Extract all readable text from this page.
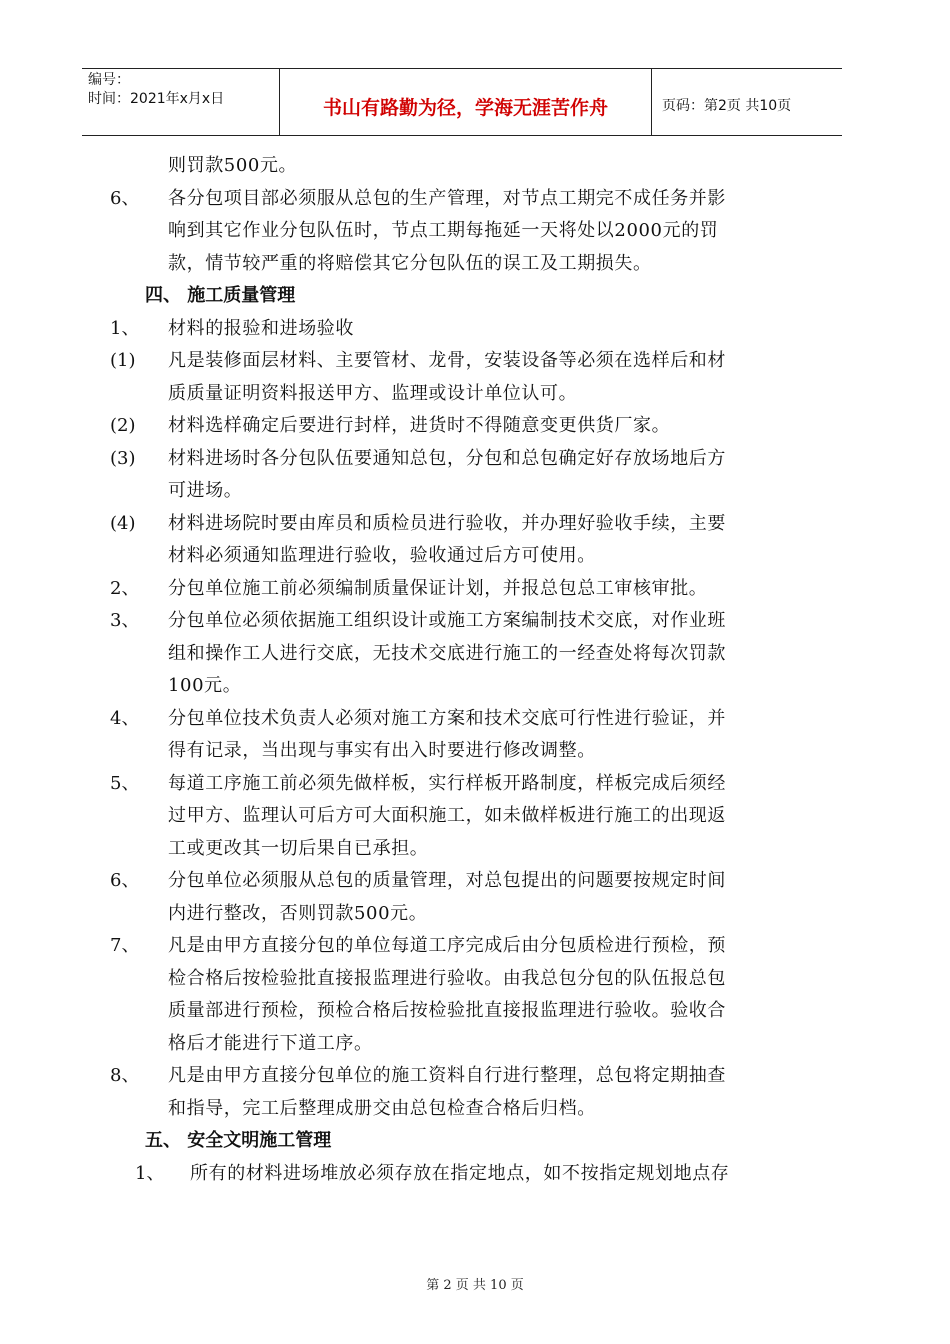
编号：
时间：2021年x月x日	书山有路勤为径，学海无涯苦作舟	页码：第2页 共10页
则罚款500元。
6、 各分包项目部必须服从总包的生产管理，对节点工期完不成任务并影
响到其它作业分包队伍时，节点工期每拖延一天将处以2000元的罚
款，情节较严重的将赔偿其它分包队伍的误工及工期损失。
四、 施工质量管理
1、 材料的报验和进场验收
(1) 凡是装修面层材料、主要管材、龙骨，安装设备等必须在选样后和材
质质量证明资料报送甲方、监理或设计单位认可。
(2) 材料选样确定后要进行封样，进货时不得随意变更供货厂家。
(3) 材料进场时各分包队伍要通知总包，分包和总包确定好存放场地后方
可进场。
(4) 材料进场院时要由库员和质检员进行验收，并办理好验收手续，主要
材料必须通知监理进行验收，验收通过后方可使用。
2、 分包单位施工前必须编制质量保证计划，并报总包总工审核审批。
3、 分包单位必须依据施工组织设计或施工方案编制技术交底，对作业班
组和操作工人进行交底，无技术交底进行施工的一经查处将每次罚款
100元。
4、 分包单位技术负责人必须对施工方案和技术交底可行性进行验证，并
得有记录，当出现与事实有出入时要进行修改调整。
5、 每道工序施工前必须先做样板，实行样板开路制度，样板完成后须经
过甲方、监理认可后方可大面积施工，如未做样板进行施工的出现返
工或更改其一切后果自已承担。
6、 分包单位必须服从总包的质量管理，对总包提出的问题要按规定时间
内进行整改，否则罚款500元。
7、 凡是由甲方直接分包的单位每道工序完成后由分包质检进行预检，预
检合格后按检验批直接报监理进行验收。由我总包分包的队伍报总包
质量部进行预检，预检合格后按检验批直接报监理进行验收。验收合
格后才能进行下道工序。
8、 凡是由甲方直接分包单位的施工资料自行进行整理，总包将定期抽查
和指导，完工后整理成册交由总包检查合格后归档。
五、 安全文明施工管理
1、 所有的材料进场堆放必须存放在指定地点，如不按指定规划地点存
第 2 页 共 10 页
